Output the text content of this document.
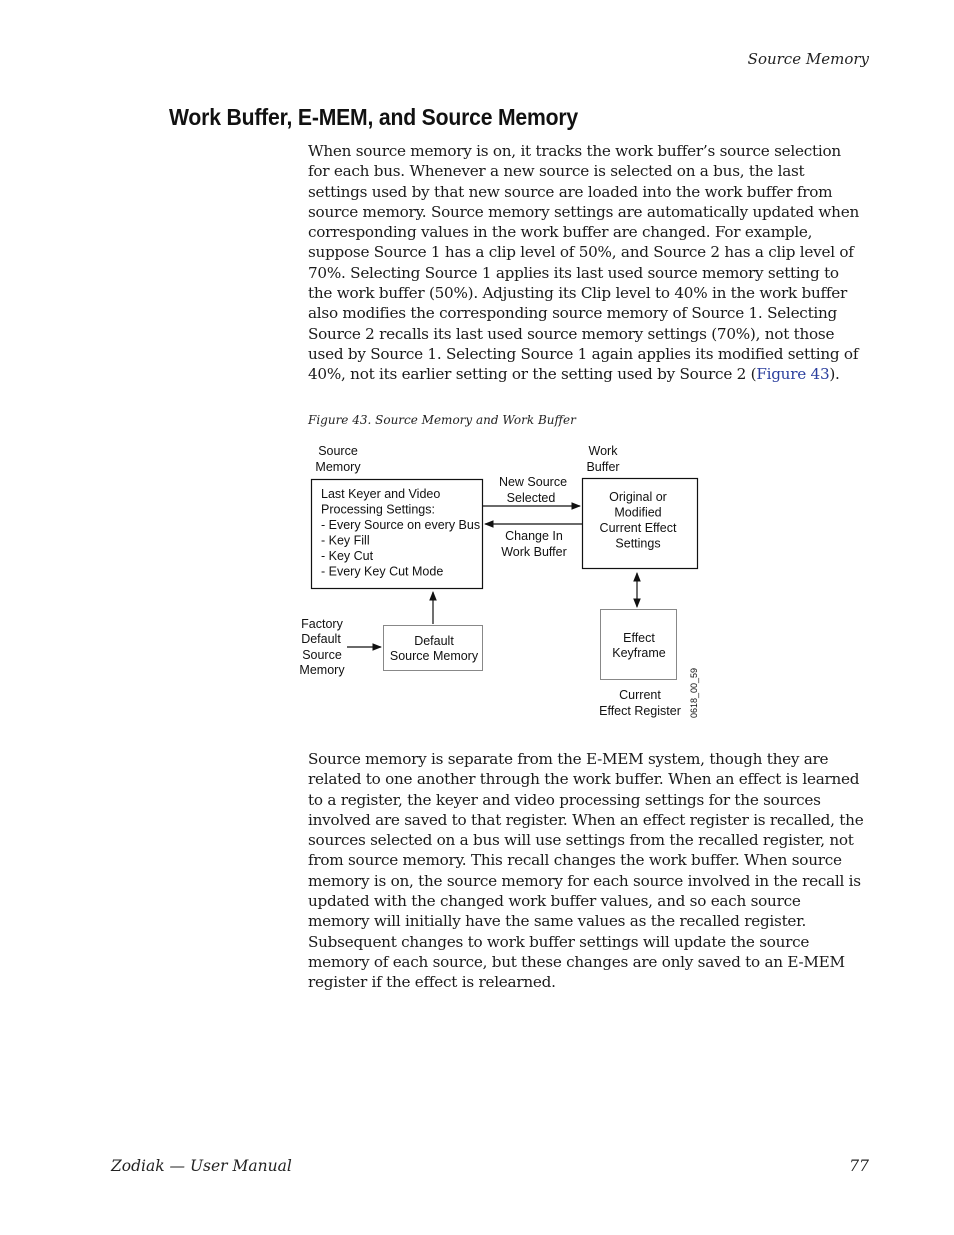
Source Memory
Work Buffer, E-MEM, and Source Memory

When source memory is on, it tracks the work buffer’s source selection for each bus. Whenever a new source is selected on a bus, the last settings used by that new source are loaded into the work buffer from source memory. Source memory settings are automatically updated when corresponding values in the work buffer are changed. For example, suppose Source 1 has a clip level of 50%, and Source 2 has a clip level of 70%. Selecting Source 1 applies its last used source memory setting to the work buffer (50%). Adjusting its Clip level to 40% in the work buffer also modifies the corresponding source memory of Source 1. Selecting Source 2 recalls its last used source memory settings (70%), not those used by Source 1. Selecting Source 1 again applies its modified setting of 40%, not its earlier setting or the setting used by Source 2 (Figure 43).

Figure 43. Source Memory and Work Buffer
Source Memory
Work Buffer
Last Keyer and Video Processing Settings: - Every Source on every Bus - Key Fill - Key Cut - Every Key Cut Mode
Original or Modified Current Effect Settings
New Source Selected
Change In Work Buffer
Factory Default Source Memory
Default Source Memory
Effect Keyframe
Current Effect Register 0618_00_59

Source memory is separate from the E-MEM system, though they are related to one another through the work buffer. When an effect is learned to a register, the keyer and video processing settings for the sources involved are saved to that register. When an effect register is recalled, the sources selected on a bus will use settings from the recalled register, not from source memory. This recall changes the work buffer. When source memory is on, the source memory for each source involved in the recall is updated with the changed work buffer values, and so each source memory will initially have the same values as the recalled register. Subsequent changes to work buffer settings will update the source memory of each source, but these changes are only saved to an E-MEM register if the effect is relearned.

Zodiak — User Manual	77
